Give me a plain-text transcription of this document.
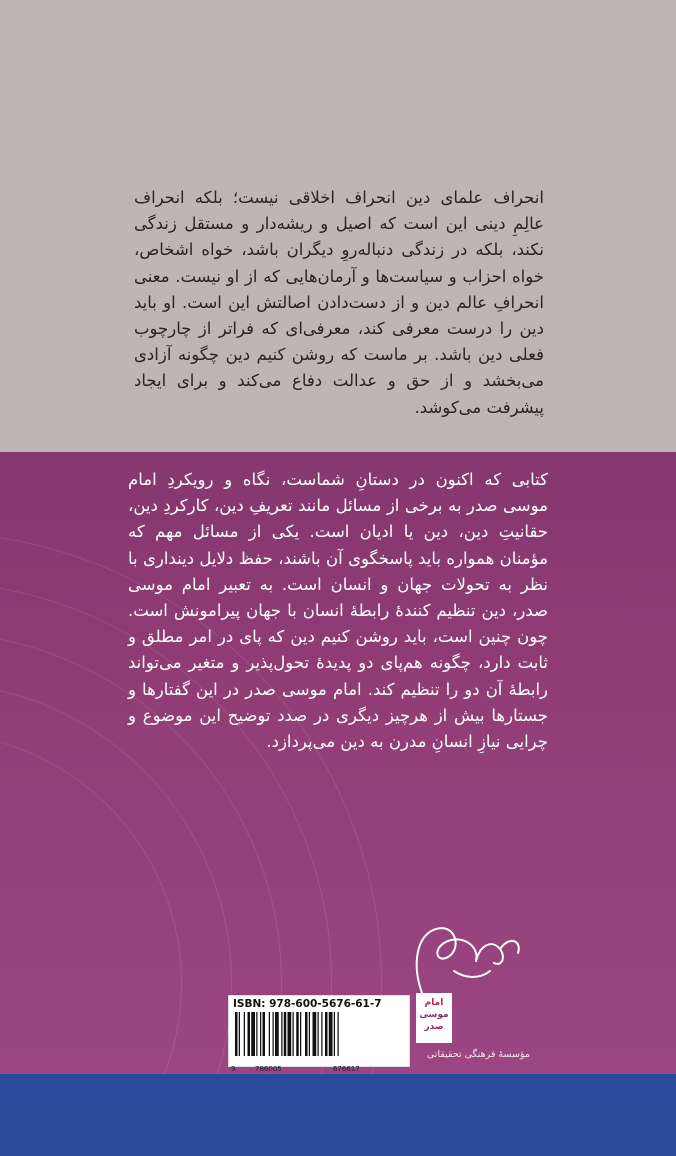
انحراف علمای دین انحراف اخلاقی نیست؛ بلکه انحراف عالِمِ دینی این است که اصیل و ریشه‌دار و مستقل زندگی نکند، بلکه در زندگی دنباله‌روِ دیگران باشد، خواه اشخاص، خواه احزاب و سیاست‌ها و آرمان‌هایی که از او نیست. معنی انحرافِ عالم دین و از دست‌دادن اصالتش این است. او باید دین را درست معرفی کند، معرفی‌ای که فراتر از چارچوب فعلی دین باشد. بر ماست که روشن کنیم دین چگونه آزادی می‌بخشد و از حق و عدالت دفاع می‌کند و برای ایجاد پیشرفت می‌کوشد.

کتابی که اکنون در دستانِ شماست، نگاه و رویکردِ امام موسی صدر به برخی از مسائل مانند تعریفِ دین، کارکردِ دین، حقانیتِ دین، دین یا ادیان است. یکی از مسائل مهم که مؤمنان همواره باید پاسخگوی آن باشند، حفظ دلایل دینداری با نظر به تحولات جهان و انسان است. به تعبیر امام موسی صدر، دین تنظیم کنندهٔ رابطهٔ انسان با جهان پیرامونش است. چون چنین است، باید روشن کنیم دین که پای در امر مطلق و ثابت دارد، چگونه هم‌پای دو پدیدهٔ تحول‌پذیر و متغیر می‌تواند رابطهٔ آن دو را تنظیم کند. امام موسی صدر در این گفتارها و جستارها بیش از هرچیز دیگری در صدد توضیح این موضوع و چرایی نیازِ انسانِ مدرن به دین می‌پردازد.

ISBN: 978-600-5676-61-7
9	786005	676617
امام
موسی
صدر
مؤسسهٔ فرهنگی تحقیقاتی
